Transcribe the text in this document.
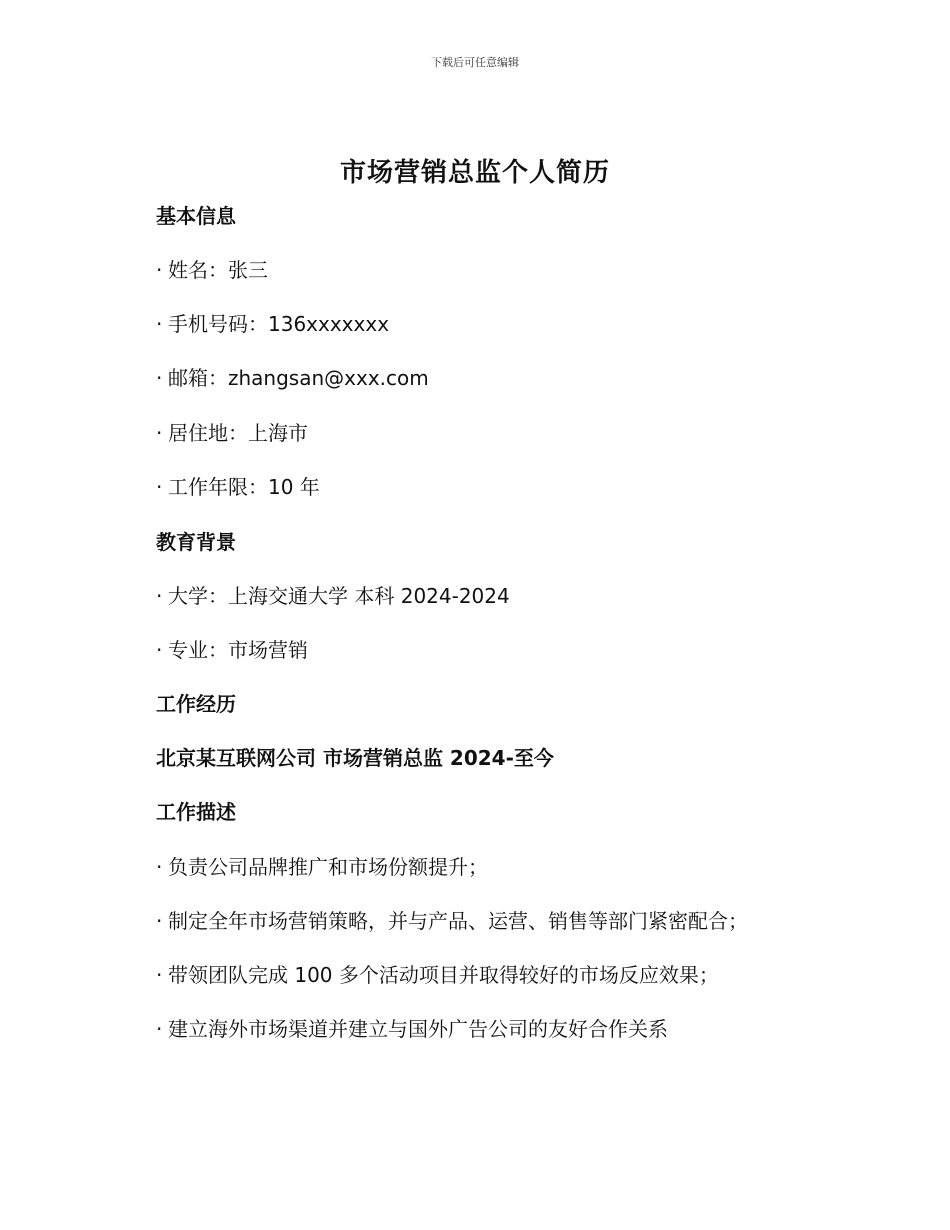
下载后可任意编辑
市场营销总监个人简历
基本信息
· 姓名：张三
· 手机号码：136xxxxxxx
· 邮箱：zhangsan@xxx.com
· 居住地：上海市
· 工作年限：10 年
教育背景
· 大学：上海交通大学 本科 2024-2024
· 专业：市场营销
工作经历
北京某互联网公司 市场营销总监 2024-至今
工作描述
· 负责公司品牌推广和市场份额提升；
· 制定全年市场营销策略，并与产品、运营、销售等部门紧密配合；
· 带领团队完成 100 多个活动项目并取得较好的市场反应效果；
· 建立海外市场渠道并建立与国外广告公司的友好合作关系
